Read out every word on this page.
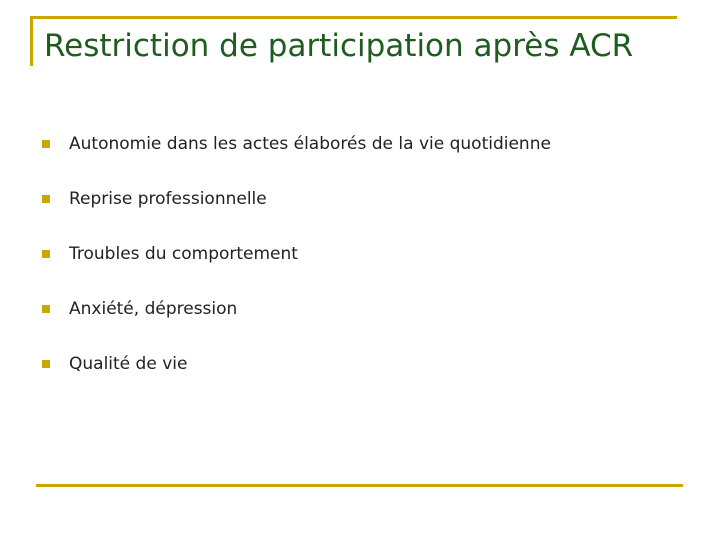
Restriction de participation après ACR
Autonomie dans les actes élaborés de la vie quotidienne
Reprise professionnelle
Troubles du comportement
Anxiété, dépression
Qualité de vie
